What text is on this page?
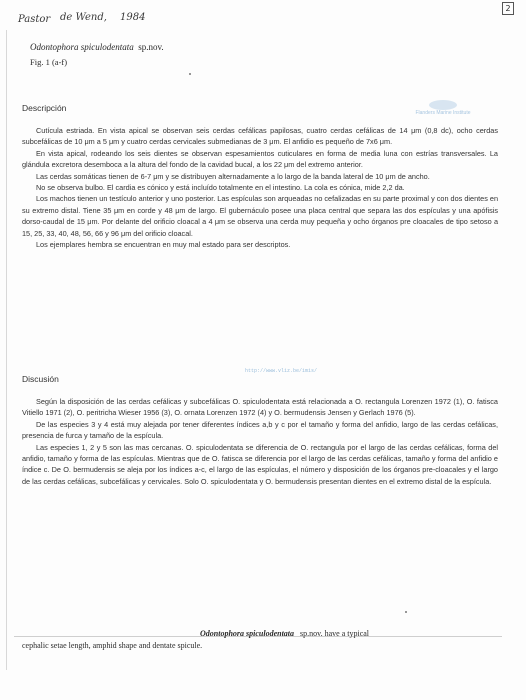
Pastor de Wend, 1984
2
Odontophora spiculodentata sp.nov.
Fig. 1 (a-f)
Flanders Marine Institute
Descripción

Cutícula estriada. En vista apical se observan seis cerdas cefálicas papilosas, cuatro cerdas cefálicas de 14 μm (0,8 dc), ocho cerdas subcefálicas de 10 μm a 5 μm y cuatro cerdas cervicales submedianas de 3 μm. El anfidio es pequeño de 7x6 μm.

En vista apical, rodeando los seis dientes se observan espesamientos cuticulares en forma de media luna con estrías transversales. La glándula excretora desemboca a la altura del fondo de la cavidad bucal, a los 22 μm del extremo anterior.

Las cerdas somáticas tienen de 6-7 μm y se distribuyen alternadamente a lo largo de la banda lateral de 10 μm de ancho.

No se observa bulbo. El cardia es cónico y está incluído totalmente en el intestino. La cola es cónica, mide 2,2 da.

Los machos tienen un testículo anterior y uno posterior. Las espículas son arqueadas no cefalizadas en su parte proximal y con dos dientes en su extremo distal. Tiene 35 μm en corde y 48 μm de largo. El gubernáculo posee una placa central que separa las dos espículas y una apófisis dorso-caudal de 15 μm. Por delante del orificio cloacal a 4 μm se observa una cerda muy pequeña y ocho órganos pre cloacales de tipo setoso a 15, 25, 33, 40, 48, 56, 66 y 96 μm del orificio cloacal.

Los ejemplares hembra se encuentran en muy mal estado para ser descriptos.

http://www.vliz.be/imis/
Discusión

Según la disposición de las cerdas cefálicas y subcefálicas O. spiculodentata está relacionada a O. rectangula Lorenzen 1972 (1), O. fatisca Vitiello 1971 (2), O. peritricha Wieser 1956 (3), O. ornata Lorenzen 1972 (4) y O. bermudensis Jensen y Gerlach 1976 (5).

De las especies 3 y 4 está muy alejada por tener diferentes índices a,b y c por el tamaño y forma del anfidio, largo de las cerdas cefálicas, presencia de furca y tamaño de la espícula.

Las especies 1, 2 y 5 son las mas cercanas. O. spiculodentata se diferencia de O. rectangula por el largo de las cerdas cefálicas, forma del anfidio, tamaño y forma de las espículas. Mientras que de O. fatisca se diferencia por el largo de las cerdas cefálicas, tamaño y forma del anfidio e índice c. De O. bermudensis se aleja por los índices a-c, el largo de las espículas, el número y disposición de los órganos pre-cloacales y el largo de las cerdas cefálicas, subcefálicas y cervicales. Solo O. spiculodentata y O. bermudensis presentan dientes en el extremo distal de la espícula.

Odontophora spiculodentata sp.nov. have a typical
cephalic setae length, amphid shape and dentate spicule.
